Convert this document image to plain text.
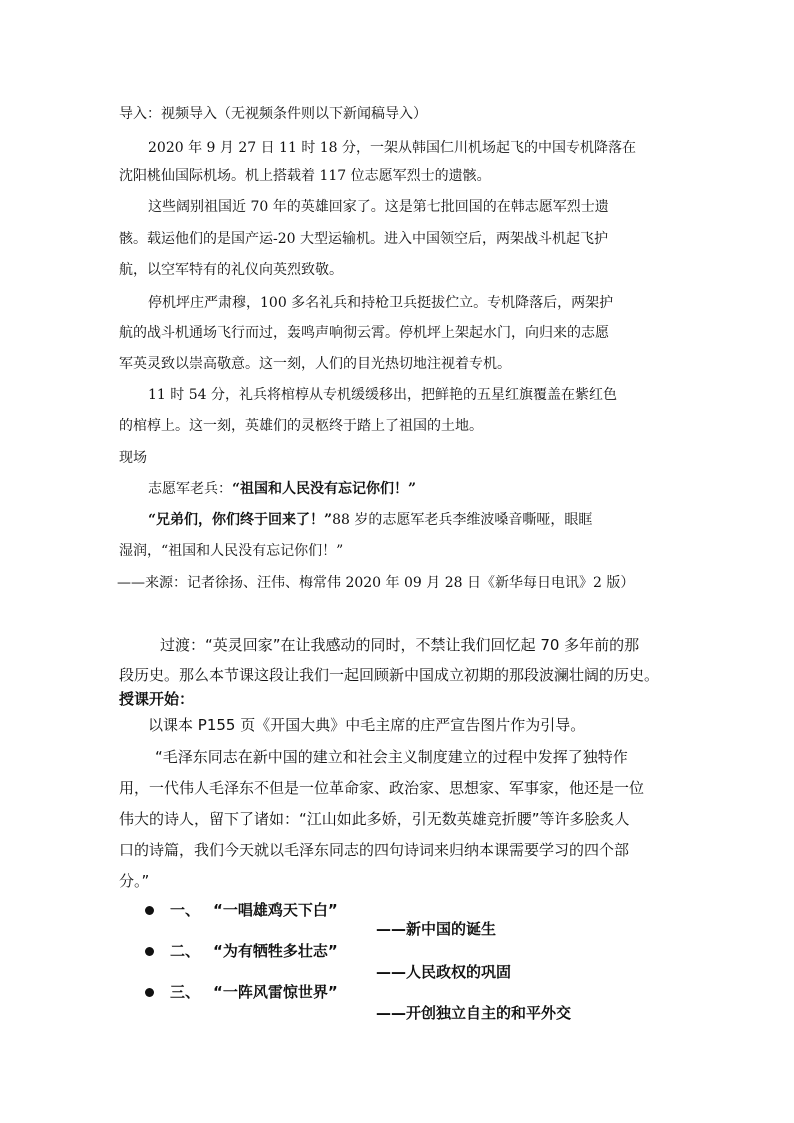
导入：视频导入（无视频条件则以下新闻稿导入）
2020 年 9 月 27 日 11 时 18 分，一架从韩国仁川机场起飞的中国专机降落在
沈阳桃仙国际机场。机上搭载着 117 位志愿军烈士的遗骸。
这些阔别祖国近 70 年的英雄回家了。这是第七批回国的在韩志愿军烈士遗
骸。载运他们的是国产运-20 大型运输机。进入中国领空后，两架战斗机起飞护
航，以空军特有的礼仪向英烈致敬。
停机坪庄严肃穆，100 多名礼兵和持枪卫兵挺拔伫立。专机降落后，两架护
航的战斗机通场飞行而过，轰鸣声响彻云霄。停机坪上架起水门，向归来的志愿
军英灵致以崇高敬意。这一刻，人们的目光热切地注视着专机。
11 时 54 分，礼兵将棺椁从专机缓缓移出，把鲜艳的五星红旗覆盖在紫红色
的棺椁上。这一刻，英雄们的灵柩终于踏上了祖国的土地。
现场
志愿军老兵：“祖国和人民没有忘记你们！”
“兄弟们，你们终于回来了！”88 岁的志愿军老兵李维波嗓音嘶哑，眼眶
湿润，“祖国和人民没有忘记你们！”
——来源：记者徐扬、汪伟、梅常伟 2020 年 09 月 28 日《新华每日电讯》2 版）
过渡：“英灵回家”在让我感动的同时，不禁让我们回忆起 70 多年前的那
段历史。那么本节课这段让我们一起回顾新中国成立初期的那段波澜壮阔的历史。
授课开始：
以课本 P155 页《开国大典》中毛主席的庄严宣告图片作为引导。
“毛泽东同志在新中国的建立和社会主义制度建立的过程中发挥了独特作
用，一代伟人毛泽东不但是一位革命家、政治家、思想家、军事家，他还是一位
伟大的诗人，留下了诸如：“江山如此多娇，引无数英雄竞折腰”等许多脍炙人
口的诗篇，我们今天就以毛泽东同志的四句诗词来归纳本课需要学习的四个部
分。”
一、 “一唱雄鸡天下白”
——新中国的诞生
二、 “为有牺牲多壮志”
——人民政权的巩固
三、 “一阵风雷惊世界”
——开创独立自主的和平外交
